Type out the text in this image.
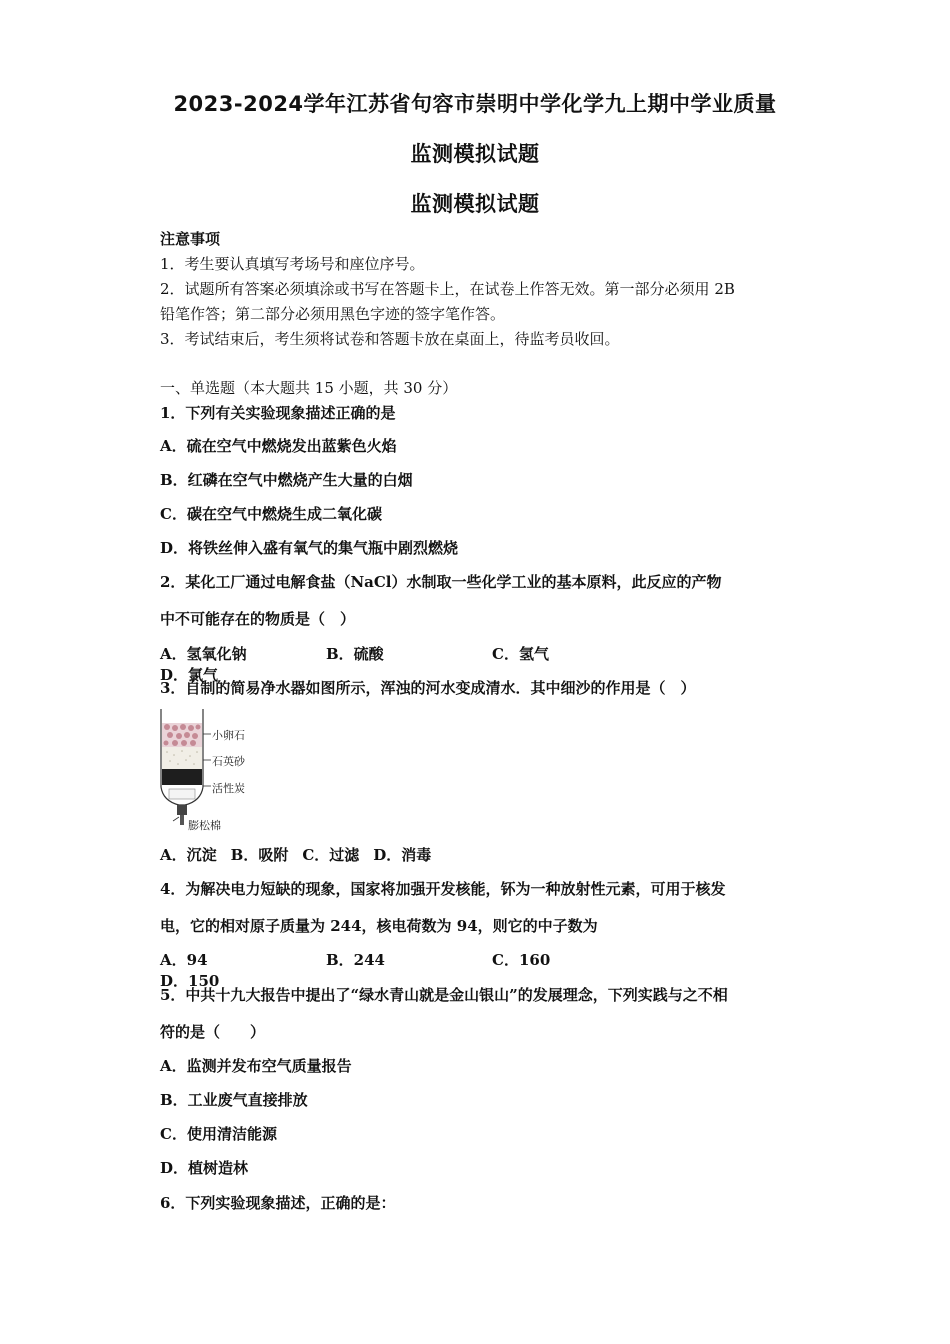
2023-2024学年江苏省句容市崇明中学化学九上期中学业质量
监测模拟试题
监测模拟试题
注意事项
1．考生要认真填写考场号和座位序号。
2．试题所有答案必须填涂或书写在答题卡上，在试卷上作答无效。第一部分必须用 2B
铅笔作答；第二部分必须用黑色字迹的签字笔作答。
3．考试结束后，考生须将试卷和答题卡放在桌面上，待监考员收回。
一、单选题（本大题共 15 小题，共 30 分）
1．下列有关实验现象描述正确的是
A．硫在空气中燃烧发出蓝紫色火焰
B．红磷在空气中燃烧产生大量的白烟
C．碳在空气中燃烧生成二氧化碳
D．将铁丝伸入盛有氧气的集气瓶中剧烈燃烧
2．某化工厂通过电解食盐（NaCl）水制取一些化学工业的基本原料，此反应的产物
中不可能存在的物质是（　）
A．氢氧化钠	B．硫酸	C．氢气D．氯气
3．自制的简易净水器如图所示，浑浊的河水变成清水．其中细沙的作用是（　）
小卵石
石英砂
活性炭
膨松棉
A．沉淀 B．吸附 C．过滤 D．消毒
4．为解决电力短缺的现象，国家将加强开发核能，钚为一种放射性元素，可用于核发
电，它的相对原子质量为 244，核电荷数为 94，则它的中子数为
A．94	B．244	C．160D．150
5．中共十九大报告中提出了“绿水青山就是金山银山”的发展理念，下列实践与之不相
符的是（　　）
A．监测并发布空气质量报告
B．工业废气直接排放
C．使用清洁能源
D．植树造林
6．下列实验现象描述，正确的是：
